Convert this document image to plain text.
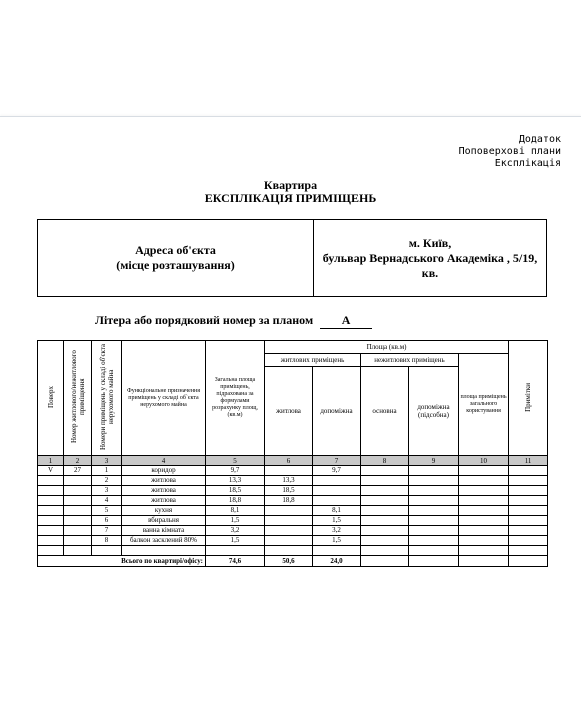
Додаток
Поповерхові плани
Експлікація
Квартира
ЕКСПЛІКАЦІЯ ПРИМІЩЕНЬ
Адреса об'єкта
(місце розташування)
м. Київ,
бульвар Вернадського Академіка , 5/19,
кв.
Літера або порядковий номер за планом А
Поверх	Номер житлового/нежитлового приміщення	Номери приміщень у складі об'єкта нерухомого майна	Функціональне призначення приміщень у складі об`єкта нерухомого майна	Загальна площа приміщень, підрахована за формулами розрахунку площ, (кв.м)	Площа (кв.м)					Примітки
					житлових приміщень		нежитлових приміщень		площа приміщень загального користування	
					житлова	допоміжна	основна	допоміжна (підсобна)		
1	2	3	4	5	6	7	8	9	10	11
V	27	1	коридор	9,7		9,7				
		2	житлова	13,3	13,3					
		3	житлова	18,5	18,5					
		4	житлова	18,8	18,8					
		5	кухня	8,1		8,1				
		6	вбиральня	1,5		1,5				
		7	ванна кімната	3,2		3,2				
		8	балкон засклений 80%	1,5		1,5				

Всього по квартирі/офісу:				74,6	50,6	24,0				
